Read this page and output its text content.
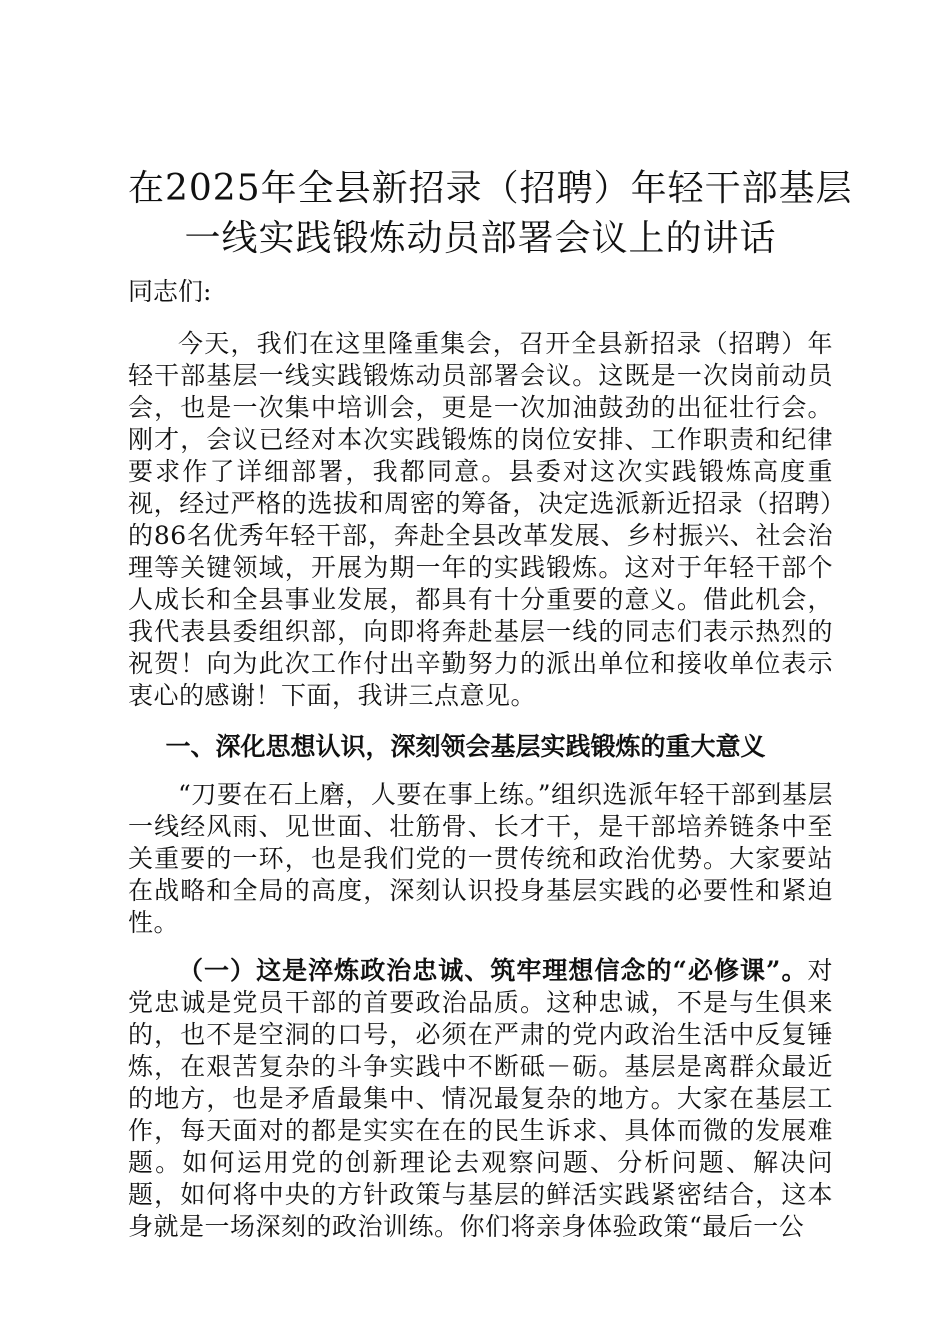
在2025年全县新招录（招聘）年轻干部基层
一线实践锻炼动员部署会议上的讲话

同志们:

今天，我们在这里隆重集会，召开全县新招录（招聘）年轻干部基层一线实践锻炼动员部署会议。这既是一次岗前动员会，也是一次集中培训会，更是一次加油鼓劲的出征壮行会。刚才，会议已经对本次实践锻炼的岗位安排、工作职责和纪律要求作了详细部署，我都同意。县委对这次实践锻炼高度重视，经过严格的选拔和周密的筹备，决定选派新近招录（招聘）的86名优秀年轻干部，奔赴全县改革发展、乡村振兴、社会治理等关键领域，开展为期一年的实践锻炼。这对于年轻干部个人成长和全县事业发展，都具有十分重要的意义。借此机会，我代表县委组织部，向即将奔赴基层一线的同志们表示热烈的祝贺！向为此次工作付出辛勤努力的派出单位和接收单位表示衷心的感谢！下面，我讲三点意见。

一、深化思想认识，深刻领会基层实践锻炼的重大意义

“刀要在石上磨，人要在事上练。”组织选派年轻干部到基层一线经风雨、见世面、壮筋骨、长才干，是干部培养链条中至关重要的一环，也是我们党的一贯传统和政治优势。大家要站在战略和全局的高度，深刻认识投身基层实践的必要性和紧迫性。

（一）这是淬炼政治忠诚、筑牢理想信念的“必修课”。对党忠诚是党员干部的首要政治品质。这种忠诚，不是与生俱来的，也不是空洞的口号，必须在严肃的党内政治生活中反复锤炼，在艰苦复杂的斗争实践中不断砥－砺。基层是离群众最近的地方，也是矛盾最集中、情况最复杂的地方。大家在基层工作，每天面对的都是实实在在的民生诉求、具体而微的发展难题。如何运用党的创新理论去观察问题、分析问题、解决问题，如何将中央的方针政策与基层的鲜活实践紧密结合，这本身就是一场深刻的政治训练。你们将亲身体验政策“最后一公
